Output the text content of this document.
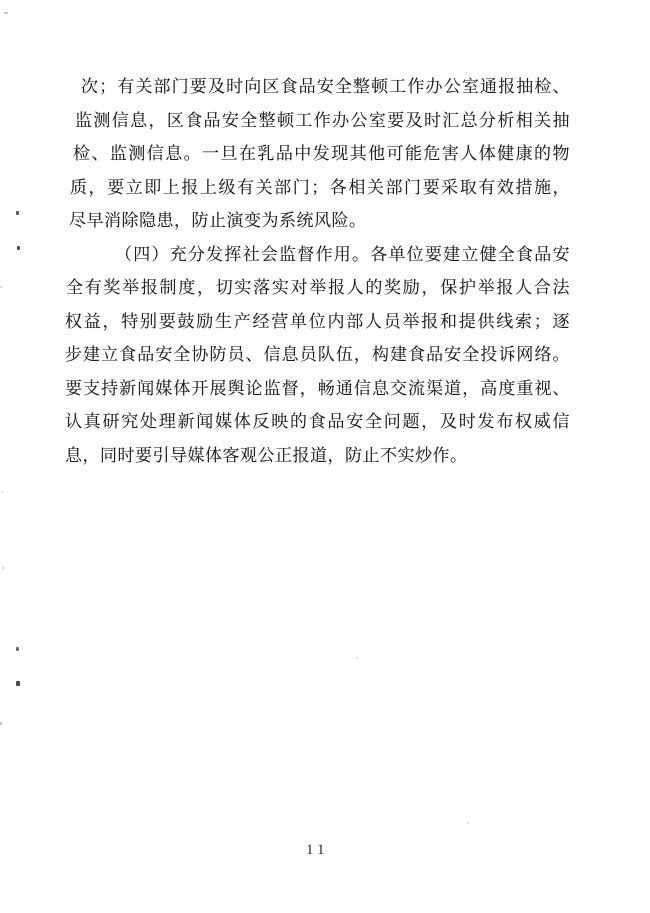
次；有关部门要及时向区食品安全整顿工作办公室通报抽检、
监测信息，区食品安全整顿工作办公室要及时汇总分析相关抽
检、监测信息。一旦在乳品中发现其他可能危害人体健康的物
质，要立即上报上级有关部门；各相关部门要采取有效措施，
尽早消除隐患，防止演变为系统风险。
（四）充分发挥社会监督作用。各单位要建立健全食品安
全有奖举报制度，切实落实对举报人的奖励，保护举报人合法
权益，特别要鼓励生产经营单位内部人员举报和提供线索；逐
步建立食品安全协防员、信息员队伍，构建食品安全投诉网络。
要支持新闻媒体开展舆论监督，畅通信息交流渠道，高度重视、
认真研究处理新闻媒体反映的食品安全问题，及时发布权威信
息，同时要引导媒体客观公正报道，防止不实炒作。
11
